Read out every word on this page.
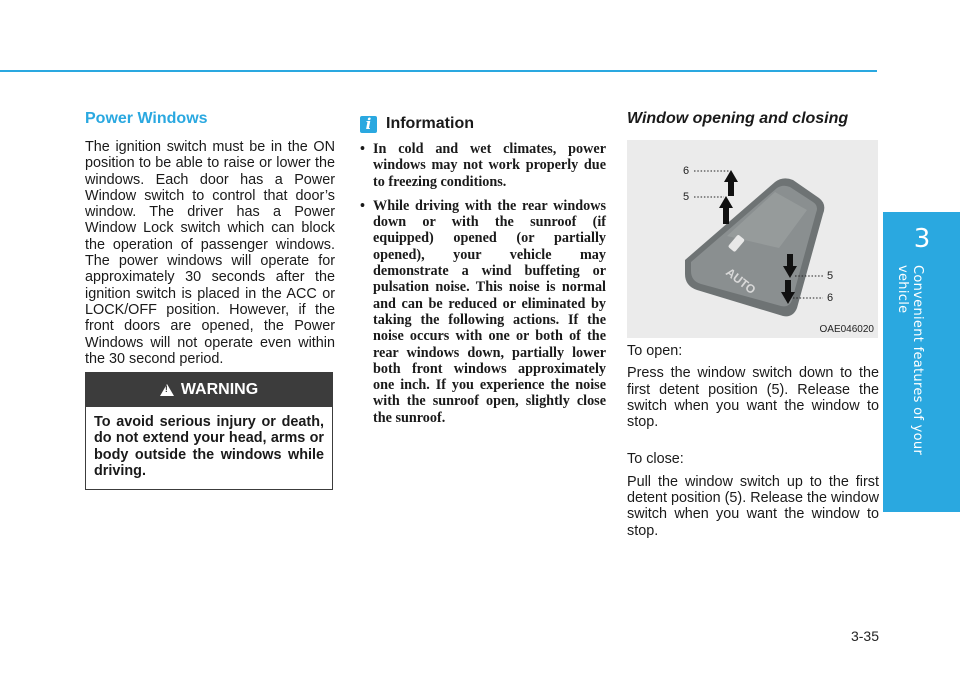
3
Convenient features of your vehicle
Power Windows

The ignition switch must be in the ON position to be able to raise or lower the windows. Each door has a Power Window switch to control that door’s window. The driver has a Power Window Lock switch which can block the operation of passenger windows. The power windows will operate for approximately 30 seconds after the ignition switch is placed in the ACC or LOCK/OFF position. However, if the front doors are opened, the Power Windows will not operate even within the 30 second period.

!
WARNING
To avoid serious injury or death, do not extend your head, arms or body outside the windows while driving.
i Information
• In cold and wet climates, power windows may not work properly due to freezing conditions.
• While driving with the rear windows down or with the sunroof (if equipped) opened (or partially opened), your vehicle may demonstrate a wind buffeting or pulsation noise. This noise is normal and can be reduced or eliminated by taking the following actions. If the noise occurs with one or both of the rear windows down, partially lower both front windows approximately one inch. If you experience the noise with the sunroof open, slightly close the sunroof.
Window opening and closing
AUTO
6
5
5
6
OAE046020

To open:

Press the window switch down to the first detent position (5). Release the switch when you want the window to stop.

To close:

Pull the window switch up to the first detent position (5). Release the window switch when you want the window to stop.

3-35
